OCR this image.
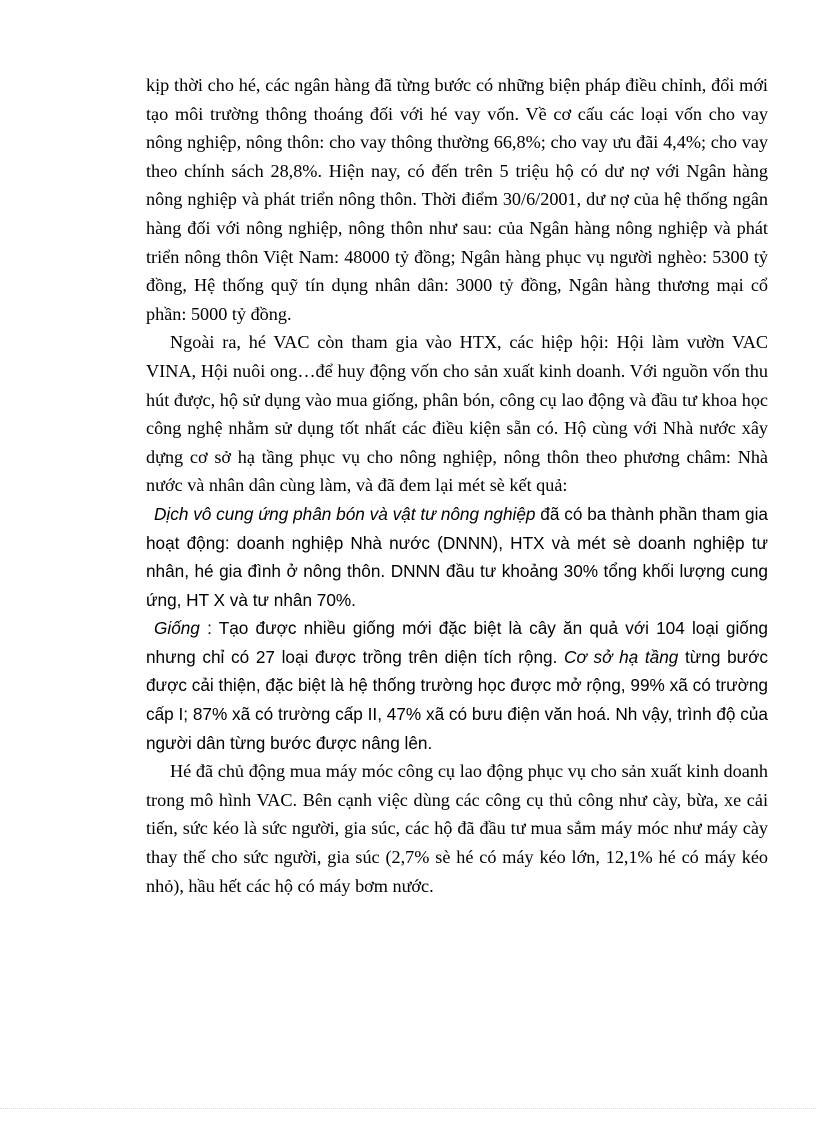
kịp thời cho hé, các ngân hàng đã từng bước có những biện pháp điều chỉnh, đổi mới tạo môi trường thông thoáng đối với hé vay vốn. Về cơ cấu các loại vốn cho vay nông nghiệp, nông thôn: cho vay thông thường 66,8%; cho vay ưu đãi 4,4%; cho vay theo chính sách 28,8%. Hiện nay, có đến trên 5 triệu hộ có dư nợ với Ngân hàng nông nghiệp và phát triển nông thôn. Thời điểm 30/6/2001, dư nợ của hệ thống ngân hàng đối với nông nghiệp, nông thôn như sau: của Ngân hàng nông nghiệp và phát triển nông thôn Việt Nam: 48000 tỷ đồng; Ngân hàng phục vụ người nghèo: 5300 tỷ đồng, Hệ thống quỹ tín dụng nhân dân: 3000 tỷ đồng, Ngân hàng thương mại cổ phần: 5000 tỷ đồng.

Ngoài ra, hé VAC còn tham gia vào HTX, các hiệp hội: Hội làm vườn VAC VINA, Hội nuôi ong…để huy động vốn cho sản xuất kinh doanh. Với nguồn vốn thu hút được, hộ sử dụng vào mua giống, phân bón, công cụ lao động và đầu tư khoa học công nghệ nhằm sử dụng tốt nhất các điều kiện sẵn có. Hộ cùng với Nhà nước xây dựng cơ sở hạ tầng phục vụ cho nông nghiệp, nông thôn theo phương châm: Nhà nước và nhân dân cùng làm, và đã đem lại mét sè kết quả:

Dịch vô cung ứng phân bón và vật tư nông nghiệp đã có ba thành phần tham gia hoạt động: doanh nghiệp Nhà nước (DNNN), HTX và mét sè doanh nghiệp tư nhân, hé gia đình ở nông thôn. DNNN đầu tư khoảng 30% tổng khối lượng cung ứng, HT X và tư nhân 70%.

Giống : Tạo được nhiều giống mới đặc biệt là cây ăn quả với 104 loại giống nhưng chỉ có 27 loại được trồng trên diện tích rộng. Cơ sở hạ tầng từng bước được cải thiện, đặc biệt là hệ thống trường học được mở rộng, 99% xã có trường cấp I; 87% xã có trường cấp II, 47% xã có bưu điện văn hoá. Nh vậy, trình độ của người dân từng bước được nâng lên.

Hé đã chủ động mua máy móc công cụ lao động phục vụ cho sản xuất kinh doanh trong mô hình VAC. Bên cạnh việc dùng các công cụ thủ công như cày, bừa, xe cải tiến, sức kéo là sức người, gia súc, các hộ đã đầu tư mua sắm máy móc như máy cày thay thế cho sức người, gia súc (2,7% sè hé có máy kéo lớn, 12,1% hé có máy kéo nhỏ), hầu hết các hộ có máy bơm nước.
